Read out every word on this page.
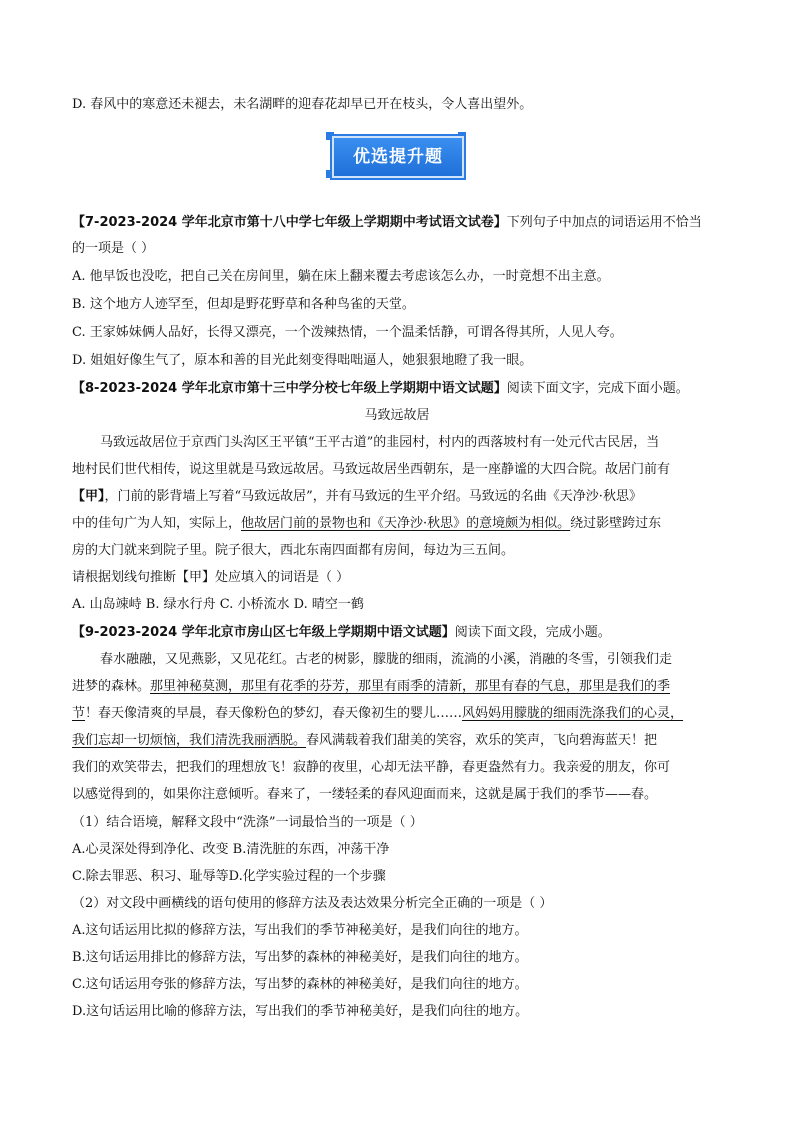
D. 春风中的寒意还未褪去，未名湖畔的迎春花却早已开在枝头，令人喜出望外。
优选提升题
【7-2023-2024 学年北京市第十八中学七年级上学期期中考试语文试卷】下列句子中加点的词语运用不恰当
的一项是（ ）
A. 他早饭也没吃，把自己关在房间里，躺在床上翻来覆去考虑该怎么办，一时竟想不出主意。
B. 这个地方人迹罕至，但却是野花野草和各种鸟雀的天堂。
C. 王家姊妹俩人品好，长得又漂亮，一个泼辣热情，一个温柔恬静，可谓各得其所，人见人夸。
D. 姐姐好像生气了，原本和善的目光此刻变得咄咄逼人，她狠狠地瞪了我一眼。
【8-2023-2024 学年北京市第十三中学分校七年级上学期期中语文试题】阅读下面文字，完成下面小题。
马致远故居
马致远故居位于京西门头沟区王平镇“王平古道”的韭园村，村内的西落坡村有一处元代古民居，当
地村民们世代相传，说这里就是马致远故居。马致远故居坐西朝东，是一座静谧的大四合院。故居门前有
【甲】，门前的影背墙上写着“马致远故居”，并有马致远的生平介绍。马致远的名曲《天净沙·秋思》
中的佳句广为人知，实际上，他故居门前的景物也和《天净沙·秋思》的意境颇为相似。绕过影壁跨过东
房的大门就来到院子里。院子很大，西北东南四面都有房间，每边为三五间。
请根据划线句推断【甲】处应填入的词语是（ ）
A. 山岛竦峙 B. 绿水行舟 C. 小桥流水 D. 晴空一鹤
【9-2023-2024 学年北京市房山区七年级上学期期中语文试题】阅读下面文段，完成小题。
春水融融，又见燕影，又见花红。古老的树影，朦胧的细雨，流淌的小溪，消融的冬雪，引领我们走
进梦的森林。那里神秘莫测，那里有花季的芬芳，那里有雨季的清新，那里有春的气息，那里是我们的季
节！春天像清爽的早晨，春天像粉色的梦幻，春天像初生的婴儿……风妈妈用朦胧的细雨洗涤我们的心灵，
我们忘却一切烦恼，我们清洗我丽洒脱。春风满载着我们甜美的笑容，欢乐的笑声，飞向碧海蓝天！把
我们的欢笑带去，把我们的理想放飞！寂静的夜里，心却无法平静，春更盎然有力。我亲爱的朋友，你可
以感觉得到的，如果你注意倾听。春来了，一缕轻柔的春风迎面而来，这就是属于我们的季节——春。
（1）结合语境，解释文段中“洗涤”一词最恰当的一项是（ ）
A.心灵深处得到净化、改变 B.清洗脏的东西，冲荡干净
C.除去罪恶、积习、耻辱等D.化学实验过程的一个步骤
（2）对文段中画横线的语句使用的修辞方法及表达效果分析完全正确的一项是（ ）
A.这句话运用比拟的修辞方法，写出我们的季节神秘美好，是我们向往的地方。
B.这句话运用排比的修辞方法，写出梦的森林的神秘美好，是我们向往的地方。
C.这句话运用夸张的修辞方法，写出梦的森林的神秘美好，是我们向往的地方。
D.这句话运用比喻的修辞方法，写出我们的季节神秘美好，是我们向往的地方。
